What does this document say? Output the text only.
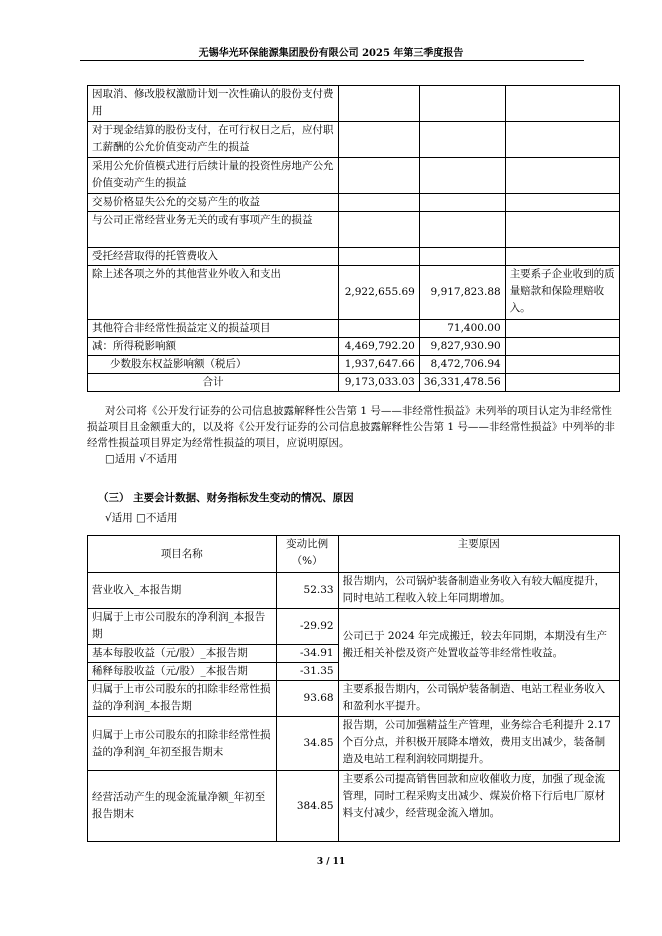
无锡华光环保能源集团股份有限公司 2025 年第三季度报告
因取消、修改股权激励计划一次性确认的股份支付费用			
对于现金结算的股份支付，在可行权日之后，应付职工薪酬的公允价值变动产生的损益			
采用公允价值模式进行后续计量的投资性房地产公允价值变动产生的损益			
交易价格显失公允的交易产生的收益			
与公司正常经营业务无关的或有事项产生的损益			
受托经营取得的托管费收入			
除上述各项之外的其他营业外收入和支出	2,922,655.69	9,917,823.88	主要系子企业收到的质量赔款和保险理赔收入。
其他符合非经常性损益定义的损益项目		71,400.00	
减：所得税影响额	4,469,792.20	9,827,930.90	
少数股东权益影响额（税后）	1,937,647.66	8,472,706.94	
合计	9,173,033.03	36,331,478.56	
对公司将《公开发行证券的公司信息披露解释性公告第 1 号——非经常性损益》未列举的项目认定为非经常性损益项目且金额重大的，以及将《公开发行证券的公司信息披露解释性公告第 1 号——非经常性损益》中列举的非经常性损益项目界定为经常性损益的项目，应说明原因。
□适用 √不适用
（三） 主要会计数据、财务指标发生变动的情况、原因
√适用 □不适用
项目名称	变动比例（%）	主要原因
营业收入_本报告期	52.33	报告期内，公司锅炉装备制造业务收入有较大幅度提升，同时电站工程收入较上年同期增加。
归属于上市公司股东的净利润_本报告期	-29.92	公司已于 2024 年完成搬迁，较去年同期，本期没有生产搬迁相关补偿及资产处置收益等非经常性收益。
基本每股收益（元/股）_本报告期	-34.91	
稀释每股收益（元/股）_本报告期	-31.35	
归属于上市公司股东的扣除非经常性损益的净利润_本报告期	93.68	主要系报告期内，公司锅炉装备制造、电站工程业务收入和盈利水平提升。
归属于上市公司股东的扣除非经常性损益的净利润_年初至报告期末	34.85	报告期，公司加强精益生产管理，业务综合毛利提升 2.17 个百分点，并积极开展降本增效，费用支出减少，装备制造及电站工程利润较同期提升。
经营活动产生的现金流量净额_年初至报告期末	384.85	主要系公司提高销售回款和应收催收力度，加强了现金流管理，同时工程采购支出减少、煤炭价格下行后电厂原材料支付减少，经营现金流入增加。
3 / 11
